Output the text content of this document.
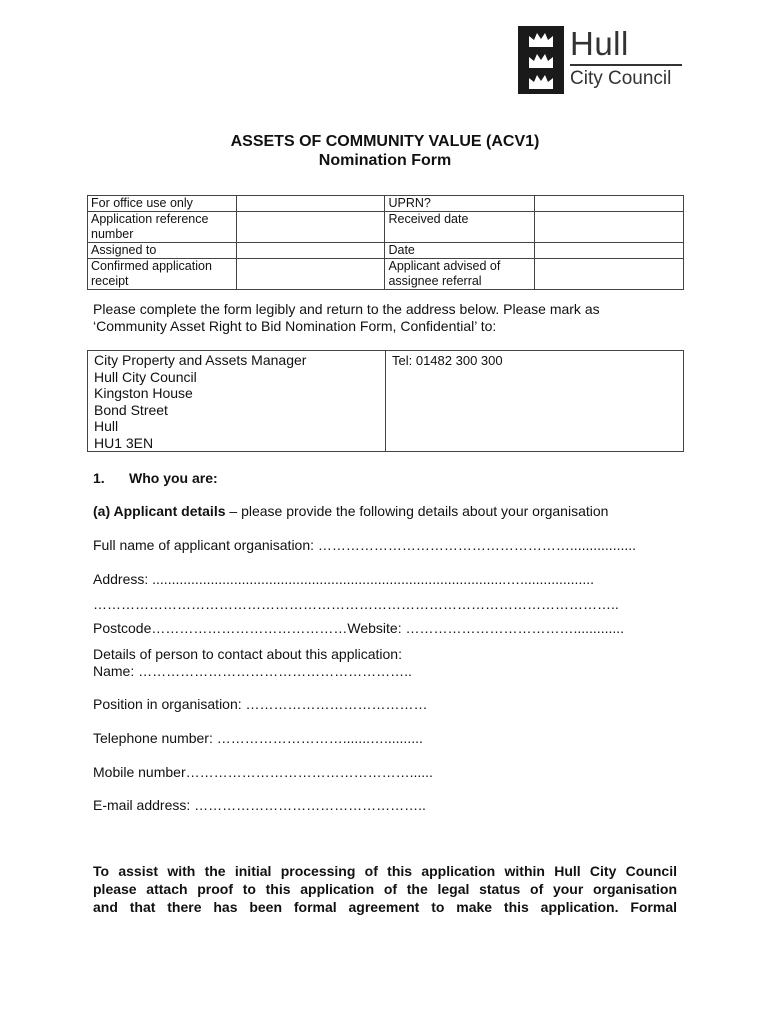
Hull
City Council
ASSETS OF COMMUNITY VALUE (ACV1)
Nomination Form
For office use only		UPRN?	
Application reference number		Received date	
Assigned to		Date	
Confirmed application receipt		Applicant advised of assignee referral	
Please complete the form legibly and return to the address below. Please mark as
‘Community Asset Right to Bid Nomination Form, Confidential’ to:
City Property and Assets Manager
Hull City Council
Kingston House
Bond Street
Hull
HU1 3EN
Tel: 01482 300 300
1. Who you are:
(a) Applicant details – please provide the following details about your organisation
Full name of applicant organisation: ……………………………………………….................
Address: ...........................................................................................…...................
…………………………………………………………………………………………………..
Postcode……………………………………Website: ……………………………….............
Details of person to contact about this application:
Name: …………………………………………………..
Position in organisation: …………………………………
Telephone number: ……………………….......…..........
Mobile number…………………………………………......
E-mail address: …………………………………………..
To assist with the initial processing of this application within Hull City Council
please attach proof to this application of the legal status of your organisation
and that there has been formal agreement to make this application. Formal
